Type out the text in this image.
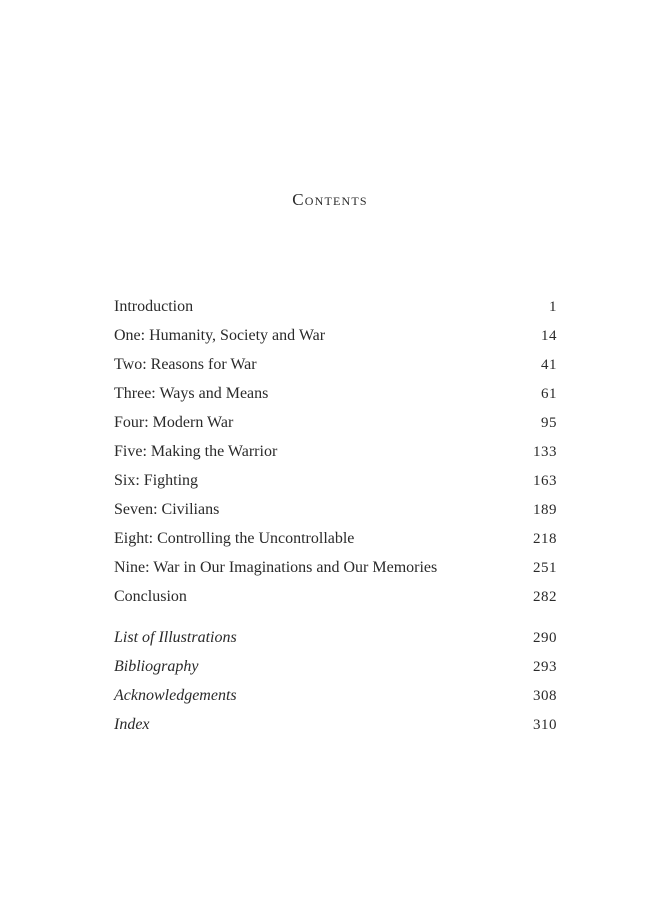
Contents
Introduction	1
One: Humanity, Society and War	14
Two: Reasons for War	41
Three: Ways and Means	61
Four: Modern War	95
Five: Making the Warrior	133
Six: Fighting	163
Seven: Civilians	189
Eight: Controlling the Uncontrollable	218
Nine: War in Our Imaginations and Our Memories	251
Conclusion	282
List of Illustrations	290
Bibliography	293
Acknowledgements	308
Index	310
